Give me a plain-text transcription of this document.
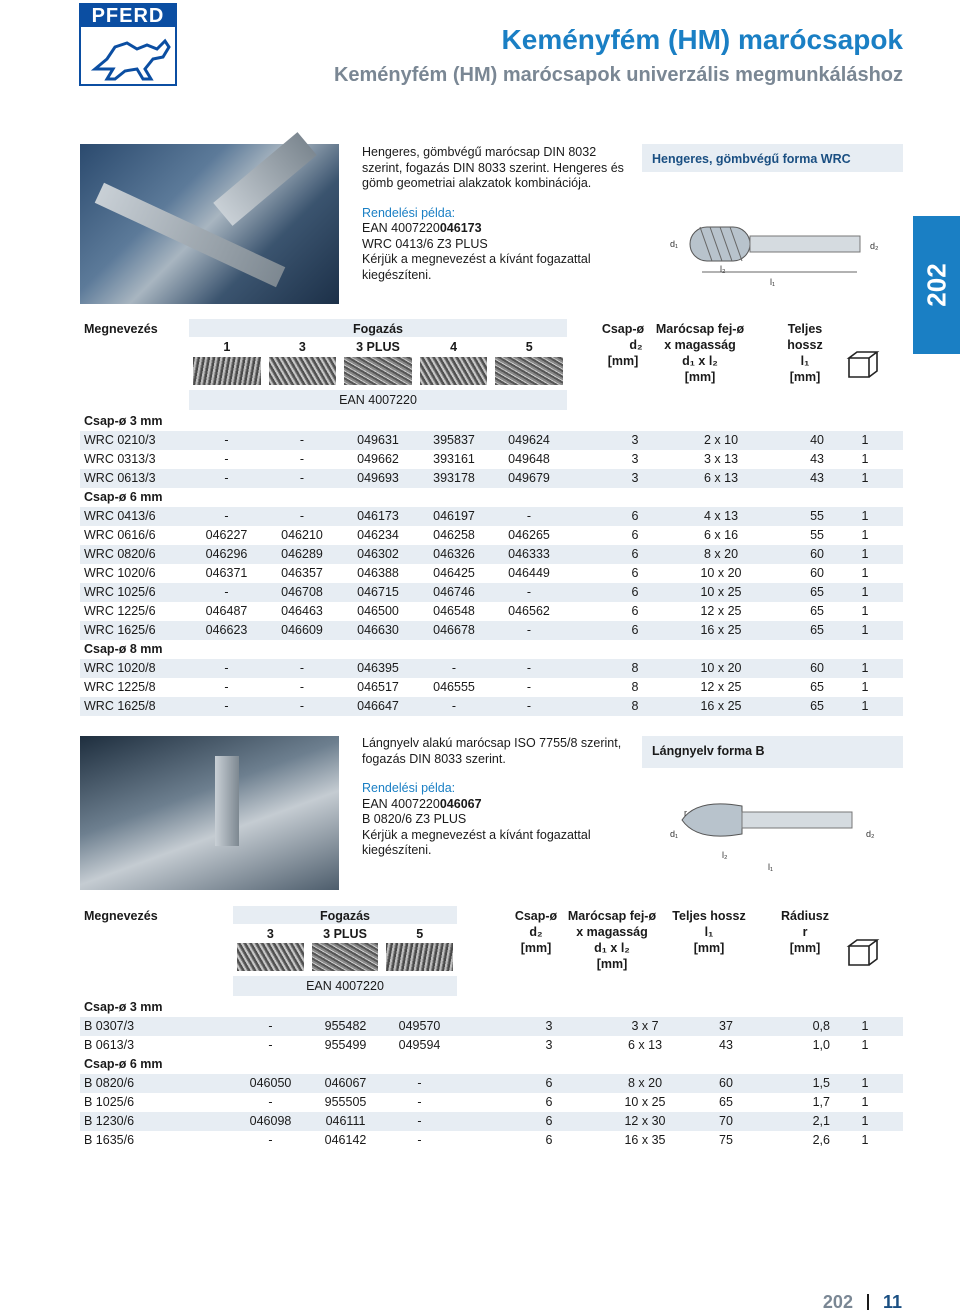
PFERD
Keményfém (HM) marócsapok
Keményfém (HM) marócsapok univerzális megmunkáláshoz
202
Hengeres, gömbvégű marócsap DIN 8032 szerint, fogazás DIN 8033 szerint. Hengeres és gömb geometriai alakzatok kombinációja.
Rendelési példa:
EAN 4007220046173
WRC 0413/6 Z3 PLUS
Kérjük a megnevezést a kívánt fogazattal kiegészíteni.
Hengeres, gömbvégű forma WRC
d₁	d₂
l₂
l₁
Megnevezés	Fogazás
1	3	3 PLUS	4	5
Csap-ø
d₂
[mm]
Marócsap fej-ø
x magasság
d₁ x l₂
[mm]
Teljes
hossz
l₁
[mm]
EAN 4007220
Csap-ø 3 mm
WRC 0210/3	-	-	049631	395837	049624	3	2 x 10	40	1
WRC 0313/3	-	-	049662	393161	049648	3	3 x 13	43	1
WRC 0613/3	-	-	049693	393178	049679	3	6 x 13	43	1
Csap-ø 6 mm
WRC 0413/6	-	-	046173	046197	-	6	4 x 13	55	1
WRC 0616/6	046227	046210	046234	046258	046265	6	6 x 16	55	1
WRC 0820/6	046296	046289	046302	046326	046333	6	8 x 20	60	1
WRC 1020/6	046371	046357	046388	046425	046449	6	10 x 20	60	1
WRC 1025/6	-	046708	046715	046746	-	6	10 x 25	65	1
WRC 1225/6	046487	046463	046500	046548	046562	6	12 x 25	65	1
WRC 1625/6	046623	046609	046630	046678	-	6	16 x 25	65	1
Csap-ø 8 mm
WRC 1020/8	-	-	046395	-	-	8	10 x 20	60	1
WRC 1225/8	-	-	046517	046555	-	8	12 x 25	65	1
WRC 1625/8	-	-	046647	-	-	8	16 x 25	65	1
Lángnyelv alakú marócsap ISO 7755/8 szerint, fogazás DIN 8033 szerint.
Rendelési példa:
EAN 4007220046067
B 0820/6 Z3 PLUS
Kérjük a megnevezést a kívánt fogazattal kiegészíteni.
Lángnyelv forma B
r
d₁	d₂
l₂
l₁
Megnevezés	Fogazás
3	3 PLUS	5
Csap-ø
d₂
[mm]
Marócsap fej-ø
x magasság
d₁ x l₂
[mm]
Teljes hossz
l₁
[mm]
Rádiusz
r
[mm]
EAN 4007220
Csap-ø 3 mm
B 0307/3	-	955482	049570	3	3 x 7	37	0,8	1
B 0613/3	-	955499	049594	3	6 x 13	43	1,0	1
Csap-ø 6 mm
B 0820/6	046050	046067	-	6	8 x 20	60	1,5	1
B 1025/6	-	955505	-	6	10 x 25	65	1,7	1
B 1230/6	046098	046111	-	6	12 x 30	70	2,1	1
B 1635/6	-	046142	-	6	16 x 35	75	2,6	1
202 11
